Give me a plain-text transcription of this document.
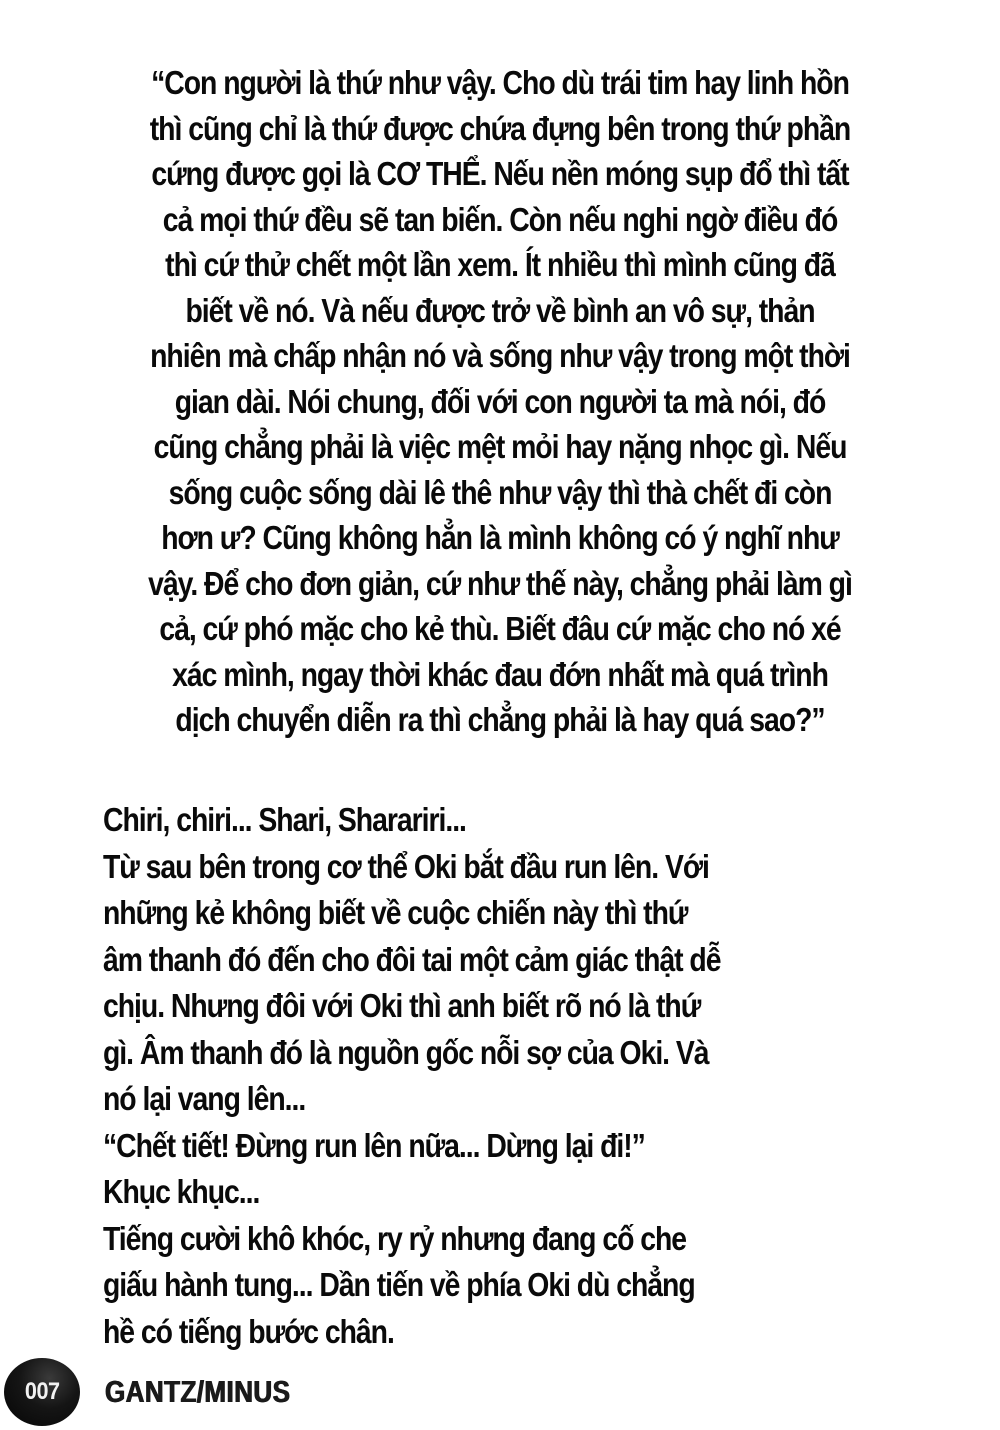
“Con người là thứ như vậy. Cho dù trái tim hay linh hồn
thì cũng chỉ là thứ được chứa đựng bên trong thứ phần
cứng được gọi là CƠ THỂ. Nếu nền móng sụp đổ thì tất
cả mọi thứ đều sẽ tan biến. Còn nếu nghi ngờ điều đó
thì cứ thử chết một lần xem. Ít nhiều thì mình cũng đã
biết về nó. Và nếu được trở về bình an vô sự, thản
nhiên mà chấp nhận nó và sống như vậy trong một thời
gian dài. Nói chung, đối với con người ta mà nói, đó
cũng chẳng phải là việc mệt mỏi hay nặng nhọc gì. Nếu
sống cuộc sống dài lê thê như vậy thì thà chết đi còn
hơn ư? Cũng không hẳn là mình không có ý nghĩ như
vậy. Để cho đơn giản, cứ như thế này, chẳng phải làm gì
cả, cứ phó mặc cho kẻ thù. Biết đâu cứ mặc cho nó xé
xác mình, ngay thời khác đau đớn nhất mà quá trình
dịch chuyển diễn ra thì chẳng phải là hay quá sao?”
Chiri, chiri... Shari, Sharariri...
Từ sau bên trong cơ thể Oki bắt đầu run lên. Với
những kẻ không biết về cuộc chiến này thì thứ
âm thanh đó đến cho đôi tai một cảm giác thật dễ
chịu. Nhưng đôi với Oki thì anh biết rõ nó là thứ
gì. Âm thanh đó là nguồn gốc nỗi sợ của Oki. Và
nó lại vang lên...
“Chết tiết! Đừng run lên nữa... Dừng lại đi!”
Khục khục...
Tiếng cười khô khóc, ry rỷ nhưng đang cố che
giấu hành tung... Dần tiến về phía Oki dù chẳng
hề có tiếng bước chân.
007 GANTZ/MINUS
